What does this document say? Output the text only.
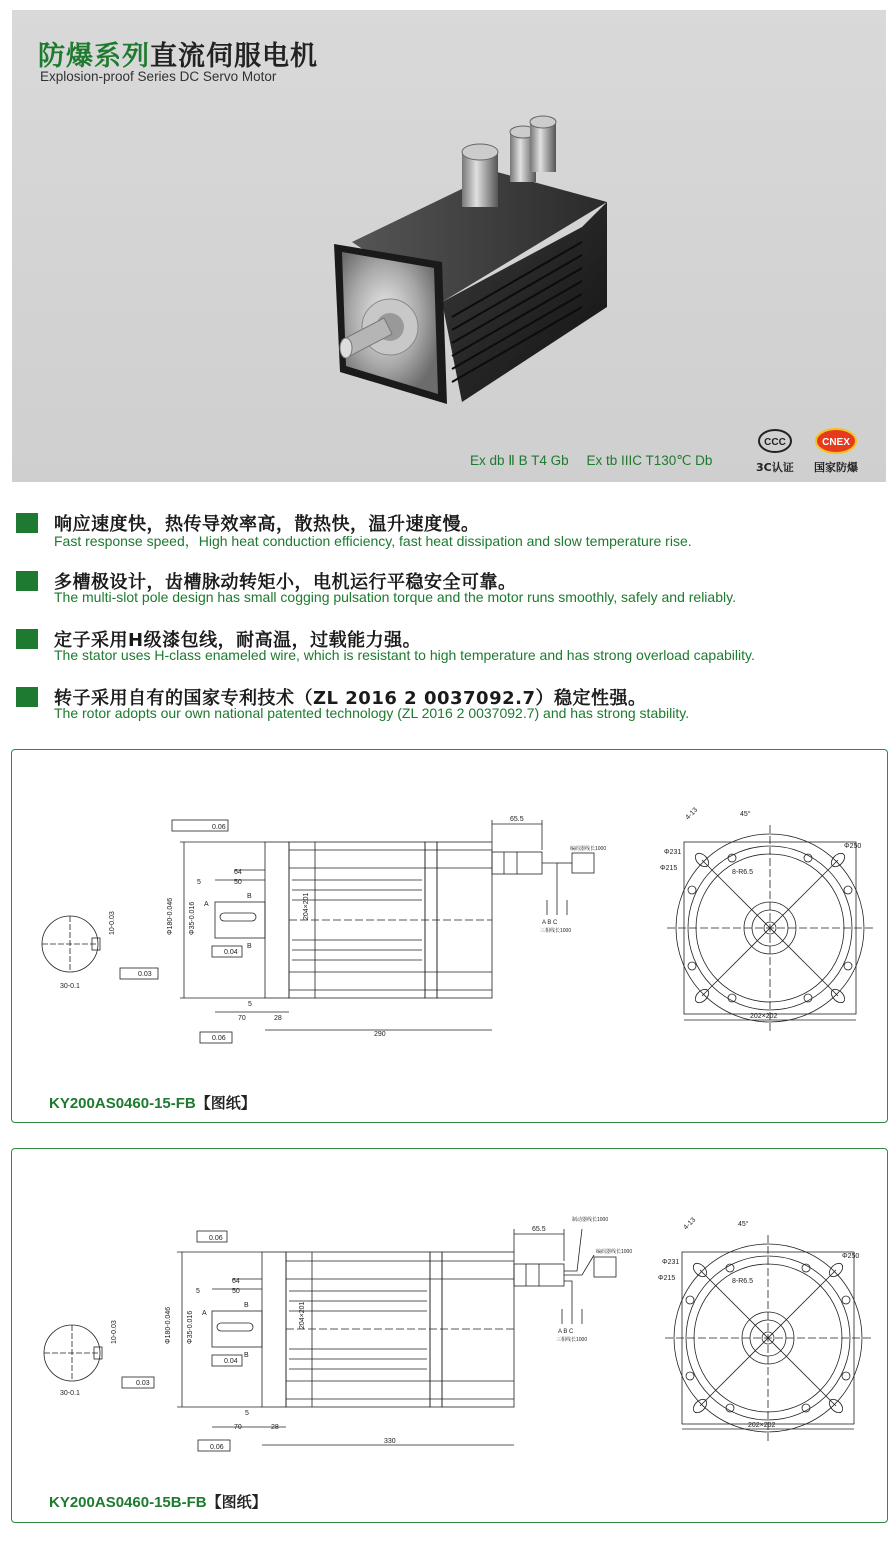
防爆系列直流伺服电机
Explosion-proof Series DC Servo Motor
Ex db Ⅱ B T4 Gb Ex tb IIIC T130℃ Db
CCC
3C认证
CNEX
国家防爆
响应速度快，热传导效率高，散热快，温升速度慢。
Fast response speed，High heat conduction efficiency, fast heat dissipation and slow temperature rise.
多槽极设计，齿槽脉动转矩小，电机运行平稳安全可靠。
The multi-slot pole design has small cogging pulsation torque and the motor runs smoothly, safely and reliably.
定子采用H级漆包线，耐高温，过载能力强。
The stator uses H-class enameled wire, which is resistant to high temperature and has strong overload capability.
转子采用自有的国家专利技术（ZL 2016 2 0037092.7）稳定性强。
The rotor adopts our own national patented technology (ZL 2016 2 0037092.7) and has strong stability.
65.5
64
50
5
5
70	28
290
204×201
Φ180-0.046 Φ35-0.016
10-0.03
30-0.1
0.06
0.06
0.04
0.03
A
B
B
编码器线长1000
A B C
三相线长1000
202×202
8-R6.5
Φ250
Φ231
Φ215
45°
4-13
KY200AS0460-15-FB【图纸】
65.5
64
50
5
5
70	28
330
204×201
Φ180-0.046 Φ35-0.016
10-0.03
30-0.1
0.06
0.06
0.04
0.03
A
B
B
制动器线长1000
编码器线长1000
A B C
三相线长1000
202×202
8-R6.5
Φ250
Φ231
Φ215
45°
4-13
KY200AS0460-15B-FB【图纸】
